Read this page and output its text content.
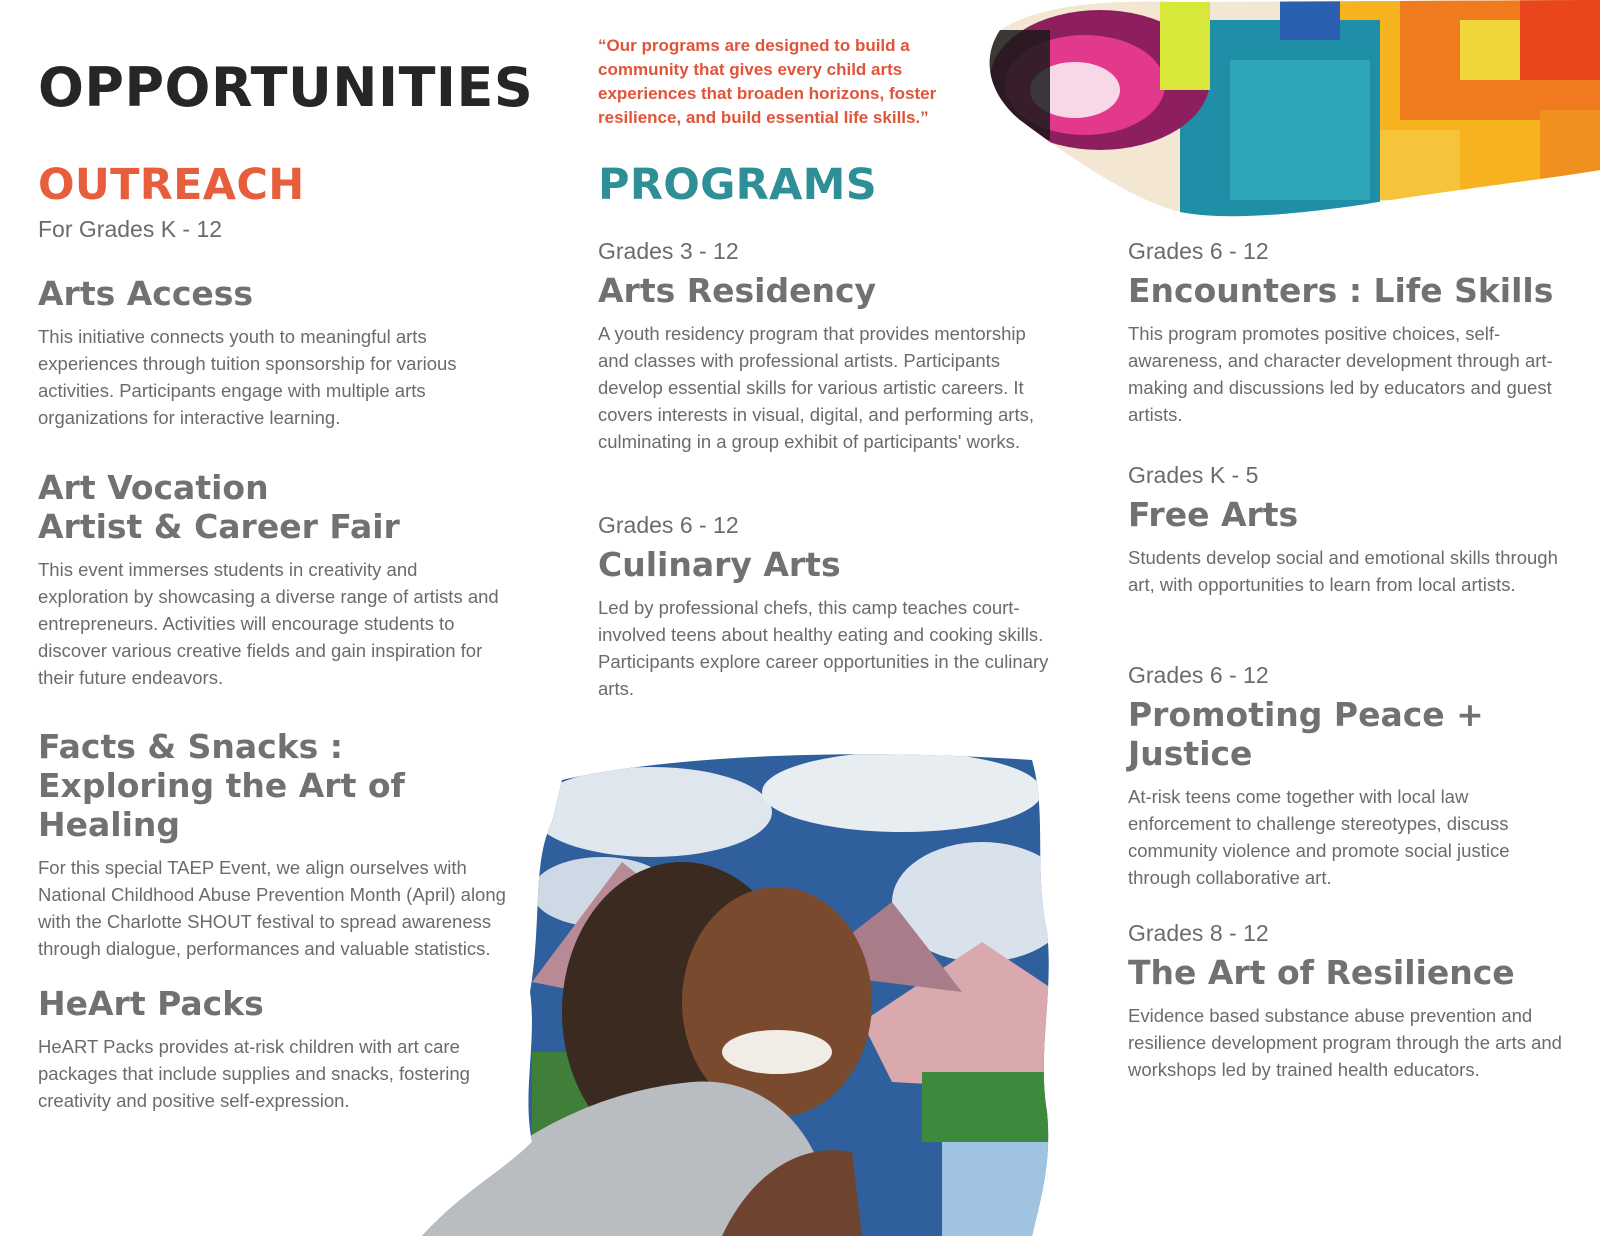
OPPORTUNITIES

“Our programs are designed to build a community that gives every child arts experiences that broaden horizons, foster resilience, and build essential life skills.”

OUTREACH

For Grades K - 12

PROGRAMS
Arts Access

This initiative connects youth to meaningful arts experiences through tuition sponsorship for various activities. Participants engage with multiple arts organizations for interactive learning.

Art Vocation
Artist & Career Fair

This event immerses students in creativity and exploration by showcasing a diverse range of artists and entrepreneurs. Activities will encourage students to discover various creative fields and gain inspiration for their future endeavors.

Facts & Snacks : Exploring the Art of Healing

For this special TAEP Event, we align ourselves with National Childhood Abuse Prevention Month (April) along with the Charlotte SHOUT festival to spread awareness through dialogue, performances and valuable statistics.

HeArt Packs

HeART Packs provides at-risk children with art care packages that include supplies and snacks, fostering creativity and positive self-expression.

Grades 3 - 12

Arts Residency

A youth residency program that provides mentorship and classes with professional artists. Participants develop essential skills for various artistic careers. It covers interests in visual, digital, and performing arts, culminating in a group exhibit of participants' works.

Grades 6 - 12

Culinary Arts

Led by professional chefs, this camp teaches court-involved teens about healthy eating and cooking skills. Participants explore career opportunities in the culinary arts.

Grades 6 - 12

Encounters : Life Skills

This program promotes positive choices, self-awareness, and character development through art-making and discussions led by educators and guest artists.

Grades K - 5

Free Arts

Students develop social and emotional skills through art, with opportunities to learn from local artists.

Grades 6 - 12

Promoting Peace + Justice

At-risk teens come together with local law enforcement to challenge stereotypes, discuss community violence and promote social justice through collaborative art.

Grades 8 - 12

The Art of Resilience

Evidence based substance abuse prevention and resilience development program through the arts and workshops led by trained health educators.
